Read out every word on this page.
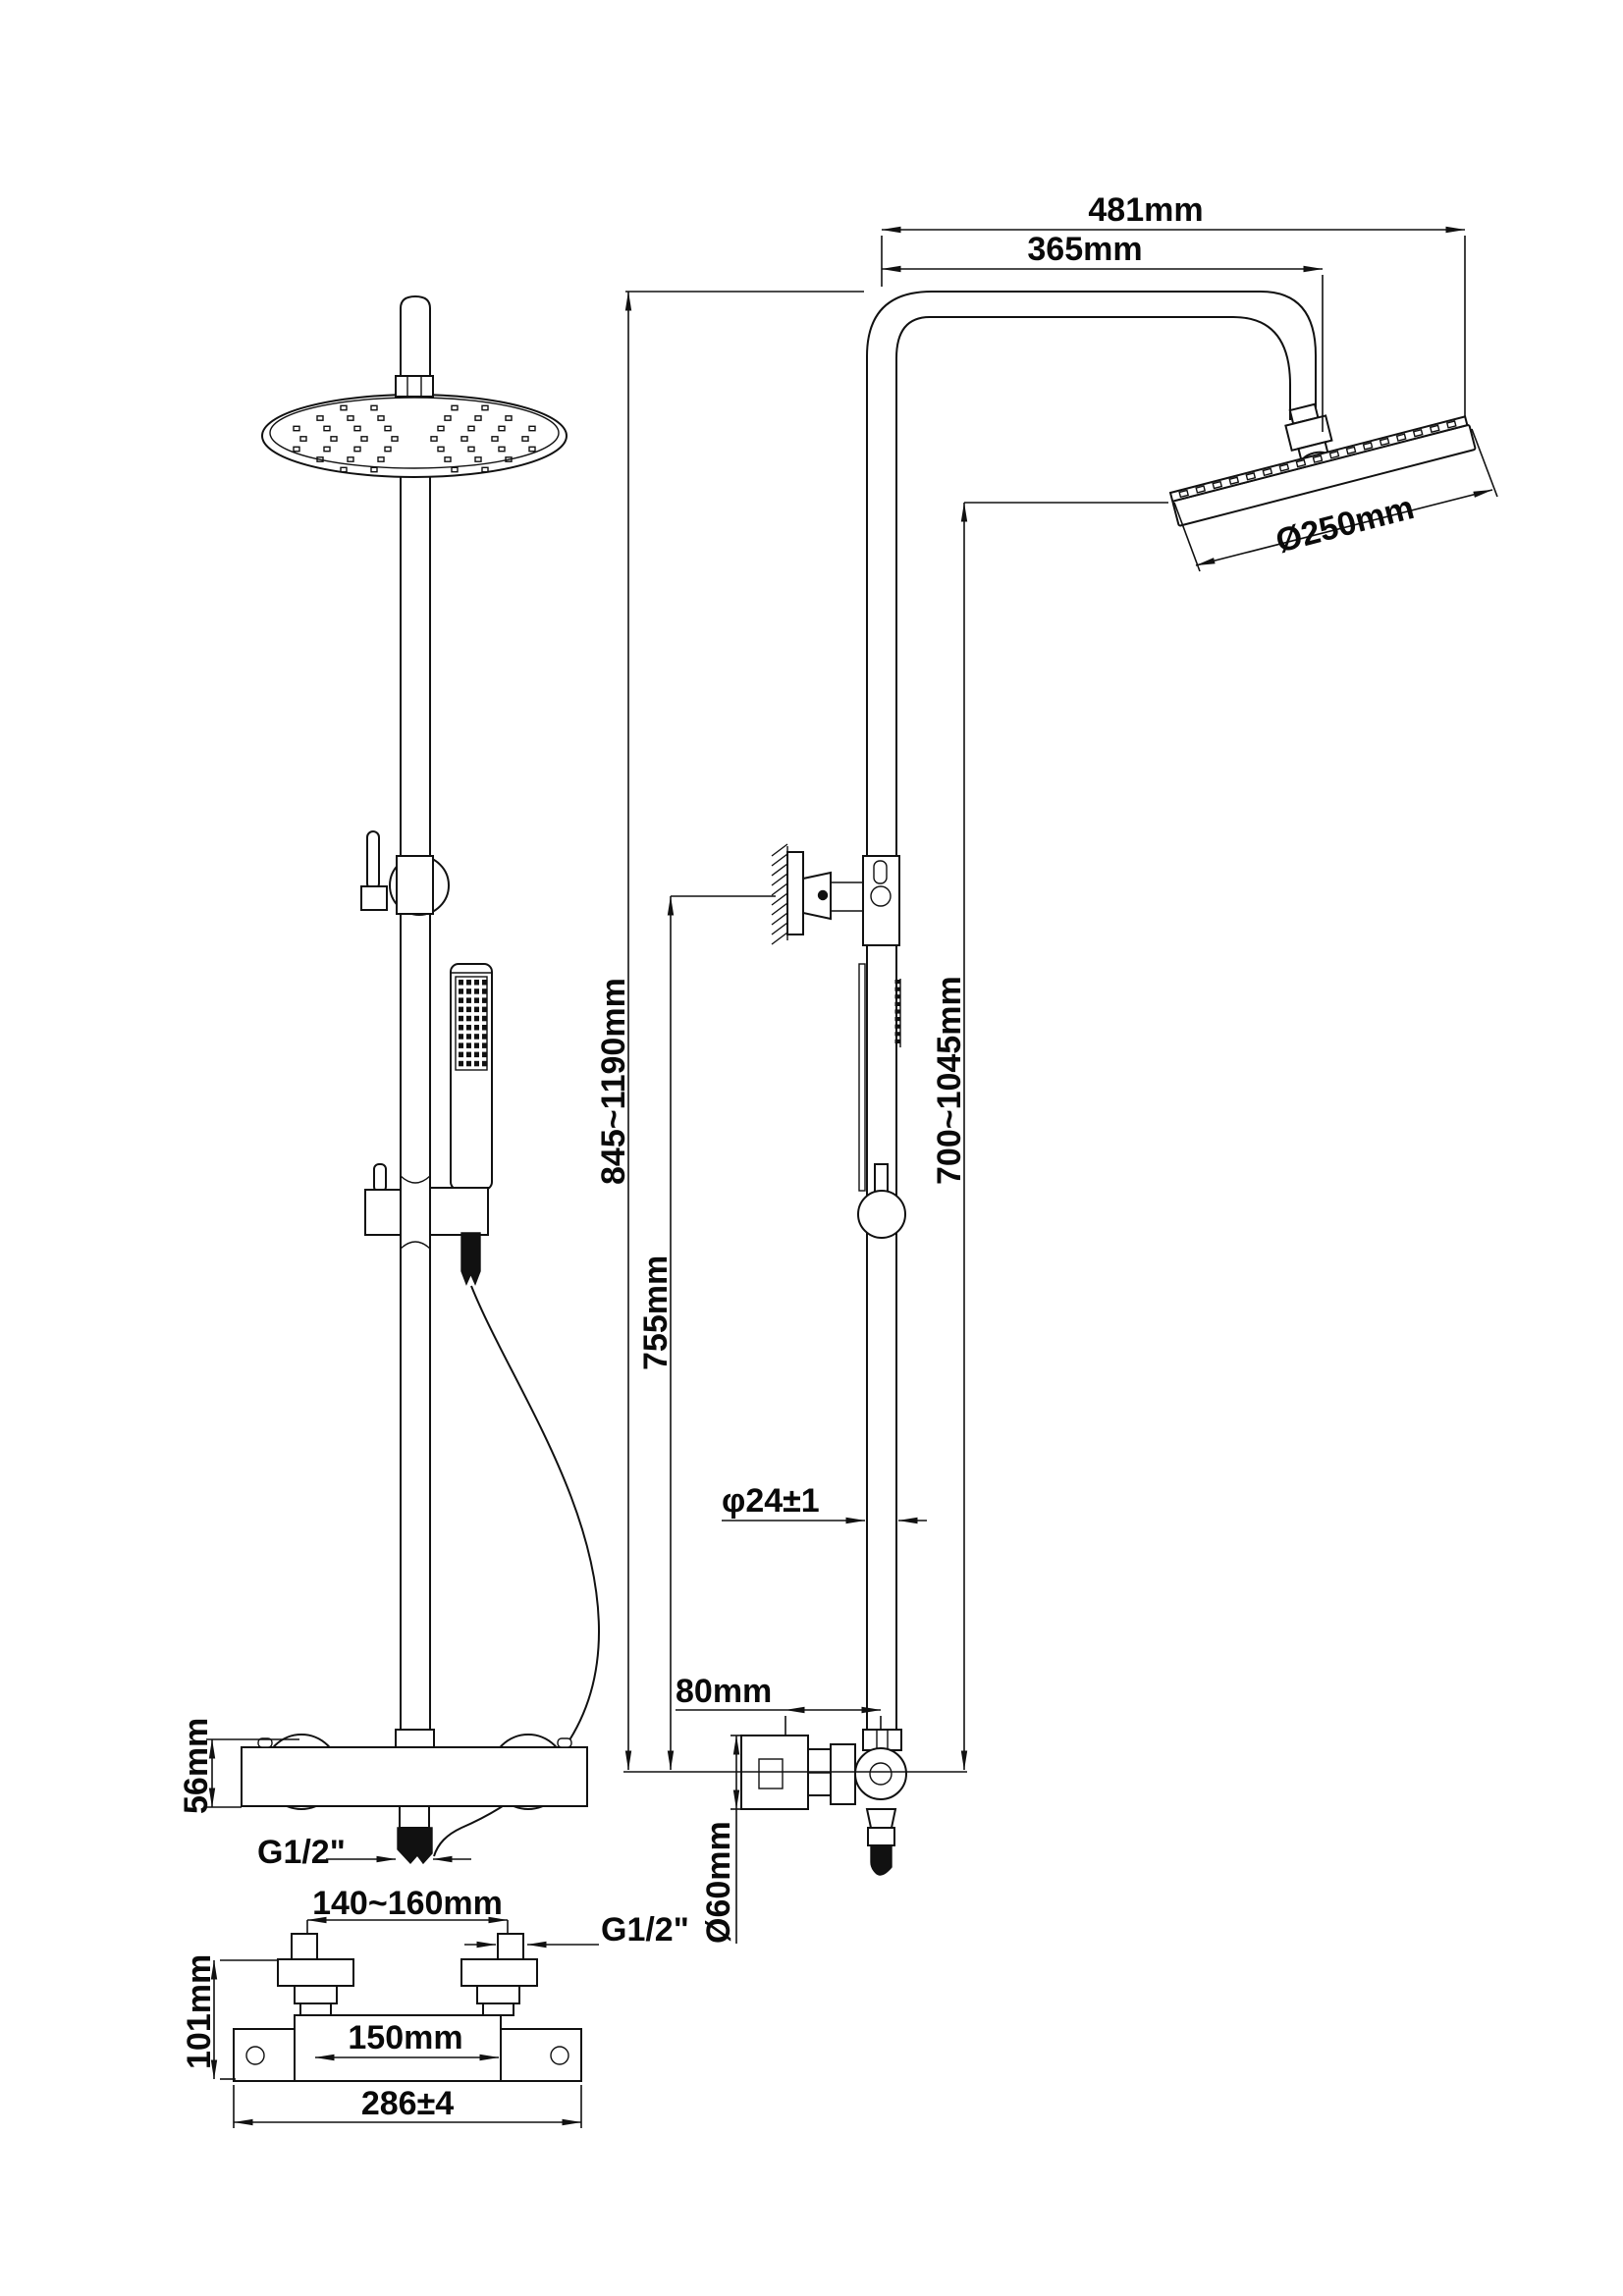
56mm
G1/2"
140~160mm
150mm
101mm
286±4
G1/2"
481mm
365mm
Ø250mm
845~1190mm
755mm
700~1045mm
φ24±1
80mm
Ø60mm
